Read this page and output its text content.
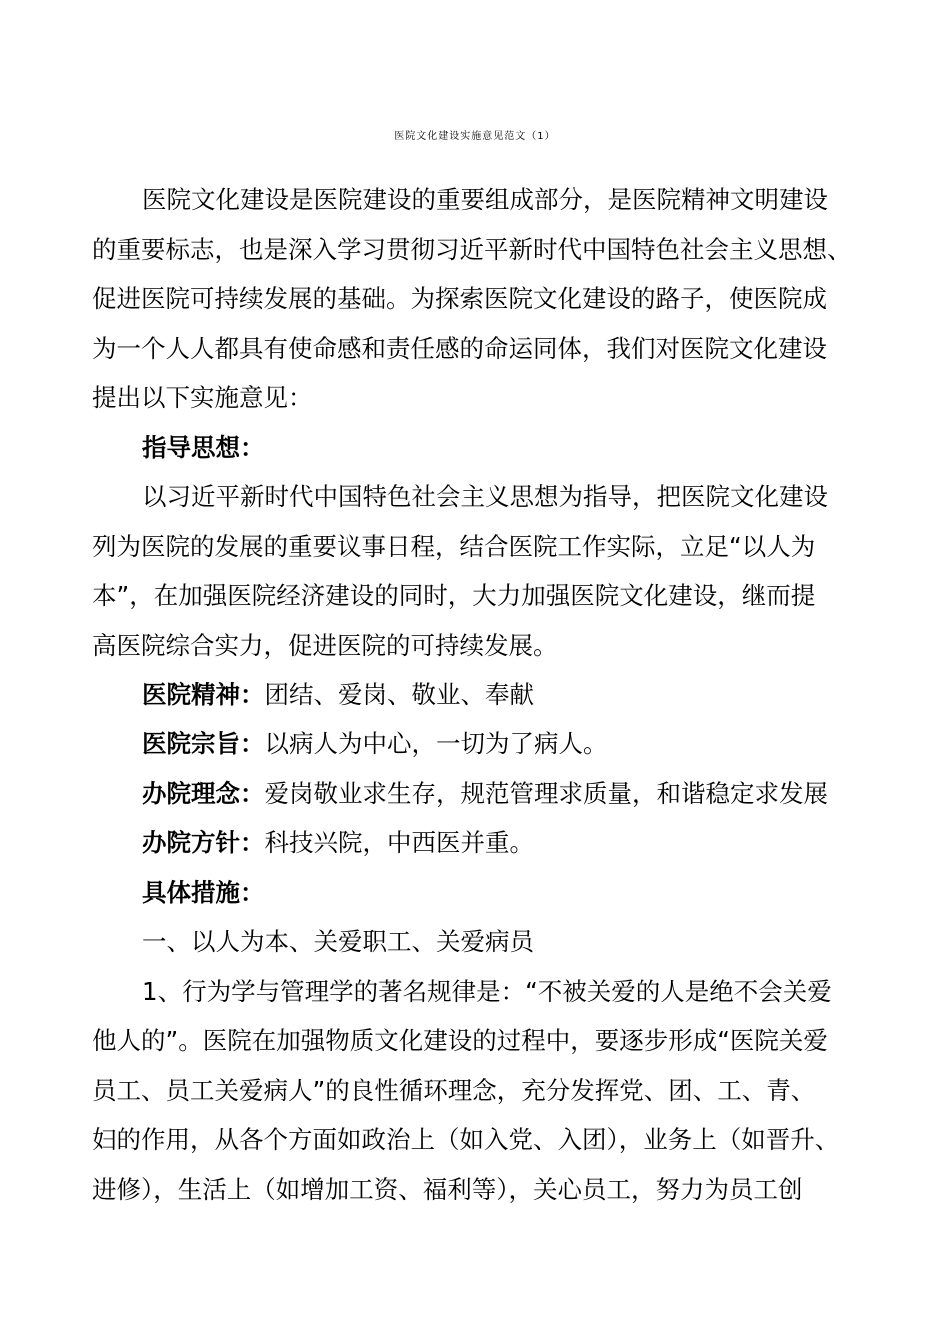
医院文化建设实施意见范文（1）
医院文化建设是医院建设的重要组成部分，是医院精神文明建设
的重要标志，也是深入学习贯彻习近平新时代中国特色社会主义思想、
促进医院可持续发展的基础。为探索医院文化建设的路子，使医院成
为一个人人都具有使命感和责任感的命运同体，我们对医院文化建设
提出以下实施意见：
指导思想：
以习近平新时代中国特色社会主义思想为指导，把医院文化建设
列为医院的发展的重要议事日程，结合医院工作实际，立足“以人为
本”，在加强医院经济建设的同时，大力加强医院文化建设，继而提
高医院综合实力，促进医院的可持续发展。
医院精神：团结、爱岗、敬业、奉献
医院宗旨：以病人为中心，一切为了病人。
办院理念：爱岗敬业求生存，规范管理求质量，和谐稳定求发展
办院方针：科技兴院，中西医并重。
具体措施：
一、以人为本、关爱职工、关爱病员
1、行为学与管理学的著名规律是：“不被关爱的人是绝不会关爱
他人的”。医院在加强物质文化建设的过程中，要逐步形成“医院关爱
员工、员工关爱病人”的良性循环理念，充分发挥党、团、工、青、
妇的作用，从各个方面如政治上（如入党、入团），业务上（如晋升、
进修），生活上（如增加工资、福利等），关心员工，努力为员工创
